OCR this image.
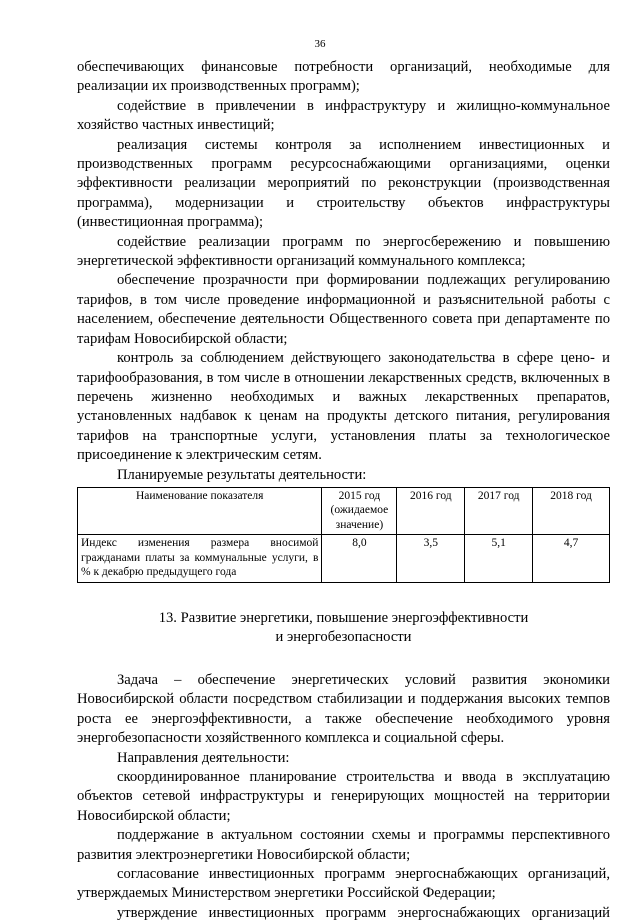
36

обеспечивающих финансовые потребности организаций, необходимые для реализации их производственных программ);

содействие в привлечении в инфраструктуру и жилищно-коммунальное хозяйство частных инвестиций;

реализация системы контроля за исполнением инвестиционных и производственных программ ресурсоснабжающими организациями, оценки эффективности реализации мероприятий по реконструкции (производственная программа), модернизации и строительству объектов инфраструктуры (инвестиционная программа);

содействие реализации программ по энергосбережению и повышению энергетической эффективности организаций коммунального комплекса;

обеспечение прозрачности при формировании подлежащих регулированию тарифов, в том числе проведение информационной и разъяснительной работы с населением, обеспечение деятельности Общественного совета при департаменте по тарифам Новосибирской области;

контроль за соблюдением действующего законодательства в сфере цено- и тарифообразования, в том числе в отношении лекарственных средств, включенных в перечень жизненно необходимых и важных лекарственных препаратов, установленных надбавок к ценам на продукты детского питания, регулирования тарифов на транспортные услуги, установления платы за технологическое присоединение к электрическим сетям.

Планируемые результаты деятельности:

Наименование показателя	2015 год (ожидаемое значение)	2016 год	2017 год	2018 год
Индекс изменения размера вносимой гражданами платы за коммунальные услуги, в % к декабрю предыдущего года	8,0	3,5	5,1	4,7
13. Развитие энергетики, повышение энергоэффективности
и энергобезопасности

Задача – обеспечение энергетических условий развития экономики Новосибирской области посредством стабилизации и поддержания высоких темпов роста ее энергоэффективности, а также обеспечение необходимого уровня энергобезопасности хозяйственного комплекса и социальной сферы.

Направления деятельности:

скоординированное планирование строительства и ввода в эксплуатацию объектов сетевой инфраструктуры и генерирующих мощностей на территории Новосибирской области;

поддержание в актуальном состоянии схемы и программы перспективного развития электроэнергетики Новосибирской области;

согласование инвестиционных программ энергоснабжающих организаций, утверждаемых Министерством энергетики Российской Федерации;

утверждение инвестиционных программ энергоснабжающих организаций
